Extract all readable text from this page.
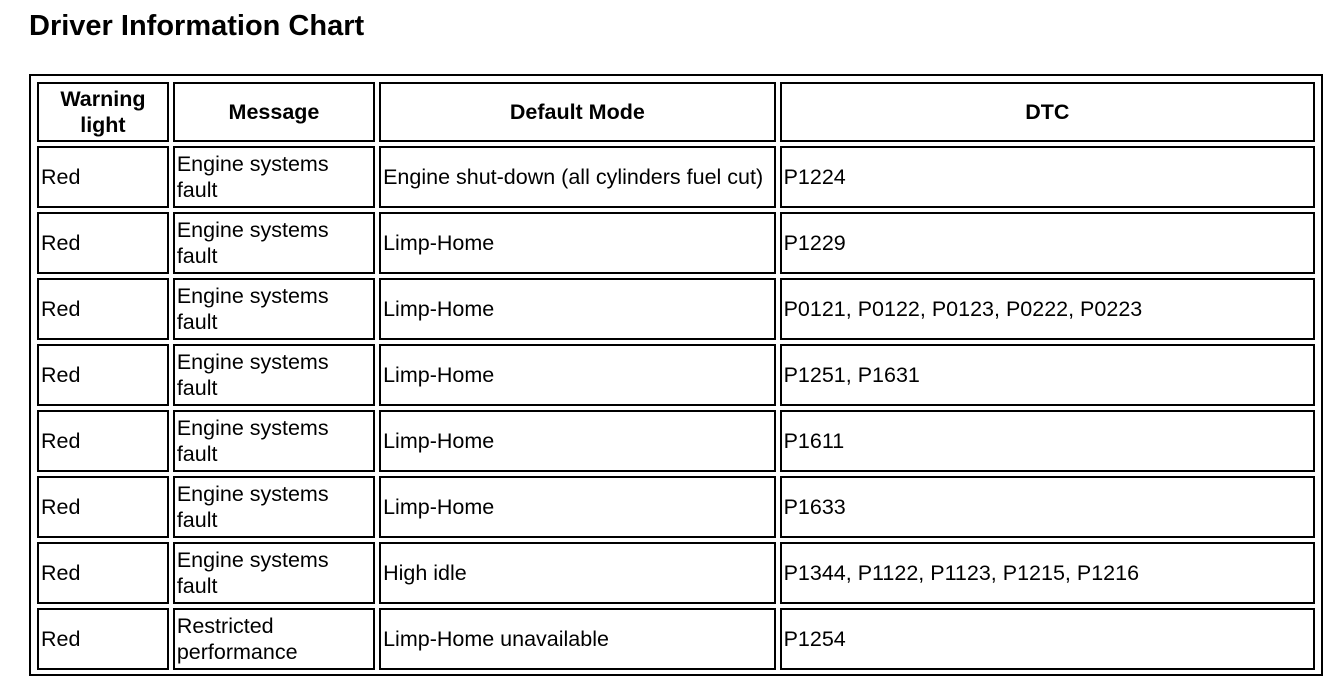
Driver Information Chart
Warning light	Message	Default Mode	DTC
Red	Engine systems fault	Engine shut-down (all cylinders fuel cut)	P1224
Red	Engine systems fault	Limp-Home	P1229
Red	Engine systems fault	Limp-Home	P0121, P0122, P0123, P0222, P0223
Red	Engine systems fault	Limp-Home	P1251, P1631
Red	Engine systems fault	Limp-Home	P1611
Red	Engine systems fault	Limp-Home	P1633
Red	Engine systems fault	High idle	P1344, P1122, P1123, P1215, P1216
Red	Restricted performance	Limp-Home unavailable	P1254
